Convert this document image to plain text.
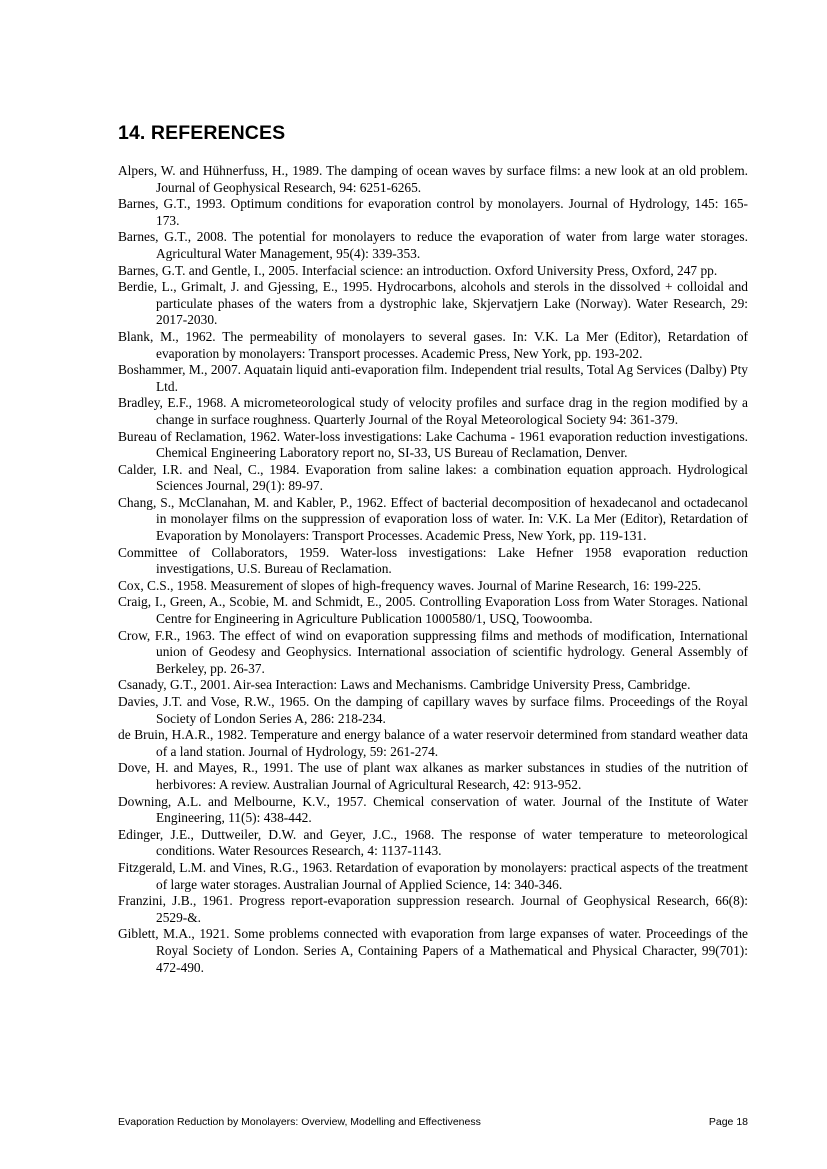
14. REFERENCES

Alpers, W. and Hühnerfuss, H., 1989. The damping of ocean waves by surface films: a new look at an old problem. Journal of Geophysical Research, 94: 6251-6265.

Barnes, G.T., 1993. Optimum conditions for evaporation control by monolayers. Journal of Hydrology, 145: 165-173.

Barnes, G.T., 2008. The potential for monolayers to reduce the evaporation of water from large water storages. Agricultural Water Management, 95(4): 339-353.

Barnes, G.T. and Gentle, I., 2005. Interfacial science: an introduction. Oxford University Press, Oxford, 247 pp.

Berdie, L., Grimalt, J. and Gjessing, E., 1995. Hydrocarbons, alcohols and sterols in the dissolved + colloidal and particulate phases of the waters from a dystrophic lake, Skjervatjern Lake (Norway). Water Research, 29: 2017-2030.

Blank, M., 1962. The permeability of monolayers to several gases. In: V.K. La Mer (Editor), Retardation of evaporation by monolayers: Transport processes. Academic Press, New York, pp. 193-202.

Boshammer, M., 2007. Aquatain liquid anti-evaporation film. Independent trial results, Total Ag Services (Dalby) Pty Ltd.

Bradley, E.F., 1968. A micrometeorological study of velocity profiles and surface drag in the region modified by a change in surface roughness. Quarterly Journal of the Royal Meteorological Society 94: 361-379.

Bureau of Reclamation, 1962. Water-loss investigations: Lake Cachuma - 1961 evaporation reduction investigations. Chemical Engineering Laboratory report no, SI-33, US Bureau of Reclamation, Denver.

Calder, I.R. and Neal, C., 1984. Evaporation from saline lakes: a combination equation approach. Hydrological Sciences Journal, 29(1): 89-97.

Chang, S., McClanahan, M. and Kabler, P., 1962. Effect of bacterial decomposition of hexadecanol and octadecanol in monolayer films on the suppression of evaporation loss of water. In: V.K. La Mer (Editor), Retardation of Evaporation by Monolayers: Transport Processes. Academic Press, New York, pp. 119-131.

Committee of Collaborators, 1959. Water-loss investigations: Lake Hefner 1958 evaporation reduction investigations, U.S. Bureau of Reclamation.

Cox, C.S., 1958. Measurement of slopes of high-frequency waves. Journal of Marine Research, 16: 199-225.

Craig, I., Green, A., Scobie, M. and Schmidt, E., 2005. Controlling Evaporation Loss from Water Storages. National Centre for Engineering in Agriculture Publication 1000580/1, USQ, Toowoomba.

Crow, F.R., 1963. The effect of wind on evaporation suppressing films and methods of modification, International union of Geodesy and Geophysics. International association of scientific hydrology. General Assembly of Berkeley, pp. 26-37.

Csanady, G.T., 2001. Air-sea Interaction: Laws and Mechanisms. Cambridge University Press, Cambridge.

Davies, J.T. and Vose, R.W., 1965. On the damping of capillary waves by surface films. Proceedings of the Royal Society of London Series A, 286: 218-234.

de Bruin, H.A.R., 1982. Temperature and energy balance of a water reservoir determined from standard weather data of a land station. Journal of Hydrology, 59: 261-274.

Dove, H. and Mayes, R., 1991. The use of plant wax alkanes as marker substances in studies of the nutrition of herbivores: A review. Australian Journal of Agricultural Research, 42: 913-952.

Downing, A.L. and Melbourne, K.V., 1957. Chemical conservation of water. Journal of the Institute of Water Engineering, 11(5): 438-442.

Edinger, J.E., Duttweiler, D.W. and Geyer, J.C., 1968. The response of water temperature to meteorological conditions. Water Resources Research, 4: 1137-1143.

Fitzgerald, L.M. and Vines, R.G., 1963. Retardation of evaporation by monolayers: practical aspects of the treatment of large water storages. Australian Journal of Applied Science, 14: 340-346.

Franzini, J.B., 1961. Progress report-evaporation suppression research. Journal of Geophysical Research, 66(8): 2529-&.

Giblett, M.A., 1921. Some problems connected with evaporation from large expanses of water. Proceedings of the Royal Society of London. Series A, Containing Papers of a Mathematical and Physical Character, 99(701): 472-490.

Evaporation Reduction by Monolayers: Overview, Modelling and Effectiveness	Page 18
